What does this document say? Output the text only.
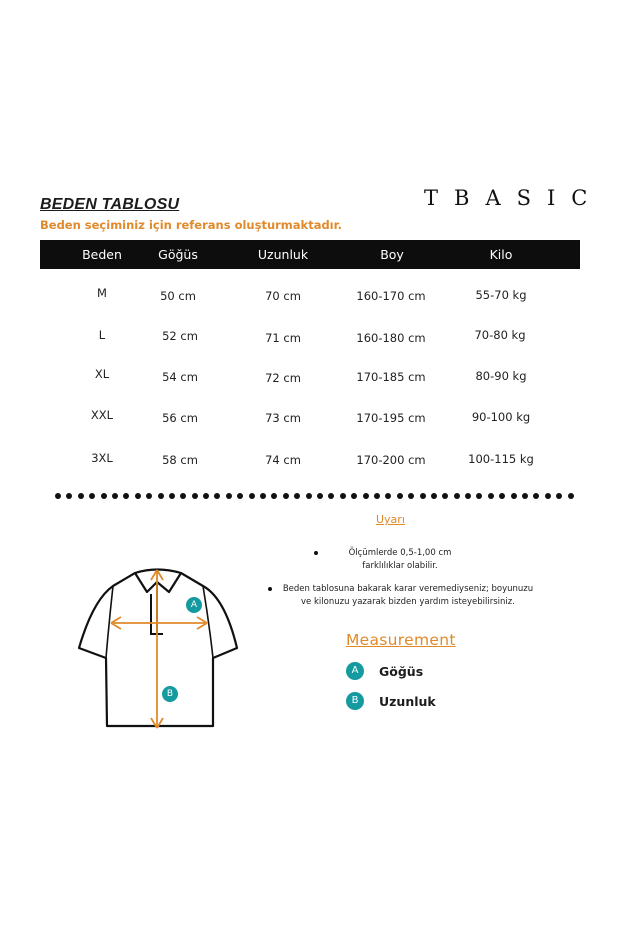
BEDEN TABLOSU
Beden seçiminiz için referans oluşturmaktadır.
TBASIC
Beden	Göğüs	Uzunluk	Boy	Kilo
M	50 cm	70 cm	160-170 cm	55-70 kg
L	52 cm	71 cm	160-180 cm	70-80 kg
XL	54 cm	72 cm	170-185 cm	80-90 kg
XXL	56 cm	73 cm	170-195 cm	90-100 kg
3XL	58 cm	74 cm	170-200 cm	100-115 kg
Uyarı
Ölçümlerde 0,5-1,00 cm
farklılıklar olabilir.
Beden tablosuna bakarak karar veremediyseniz; boyunuzu
ve kilonuzu yazarak bizden yardım isteyebilirsiniz.
A
B
Measurement
A	Göğüs
B	Uzunluk
